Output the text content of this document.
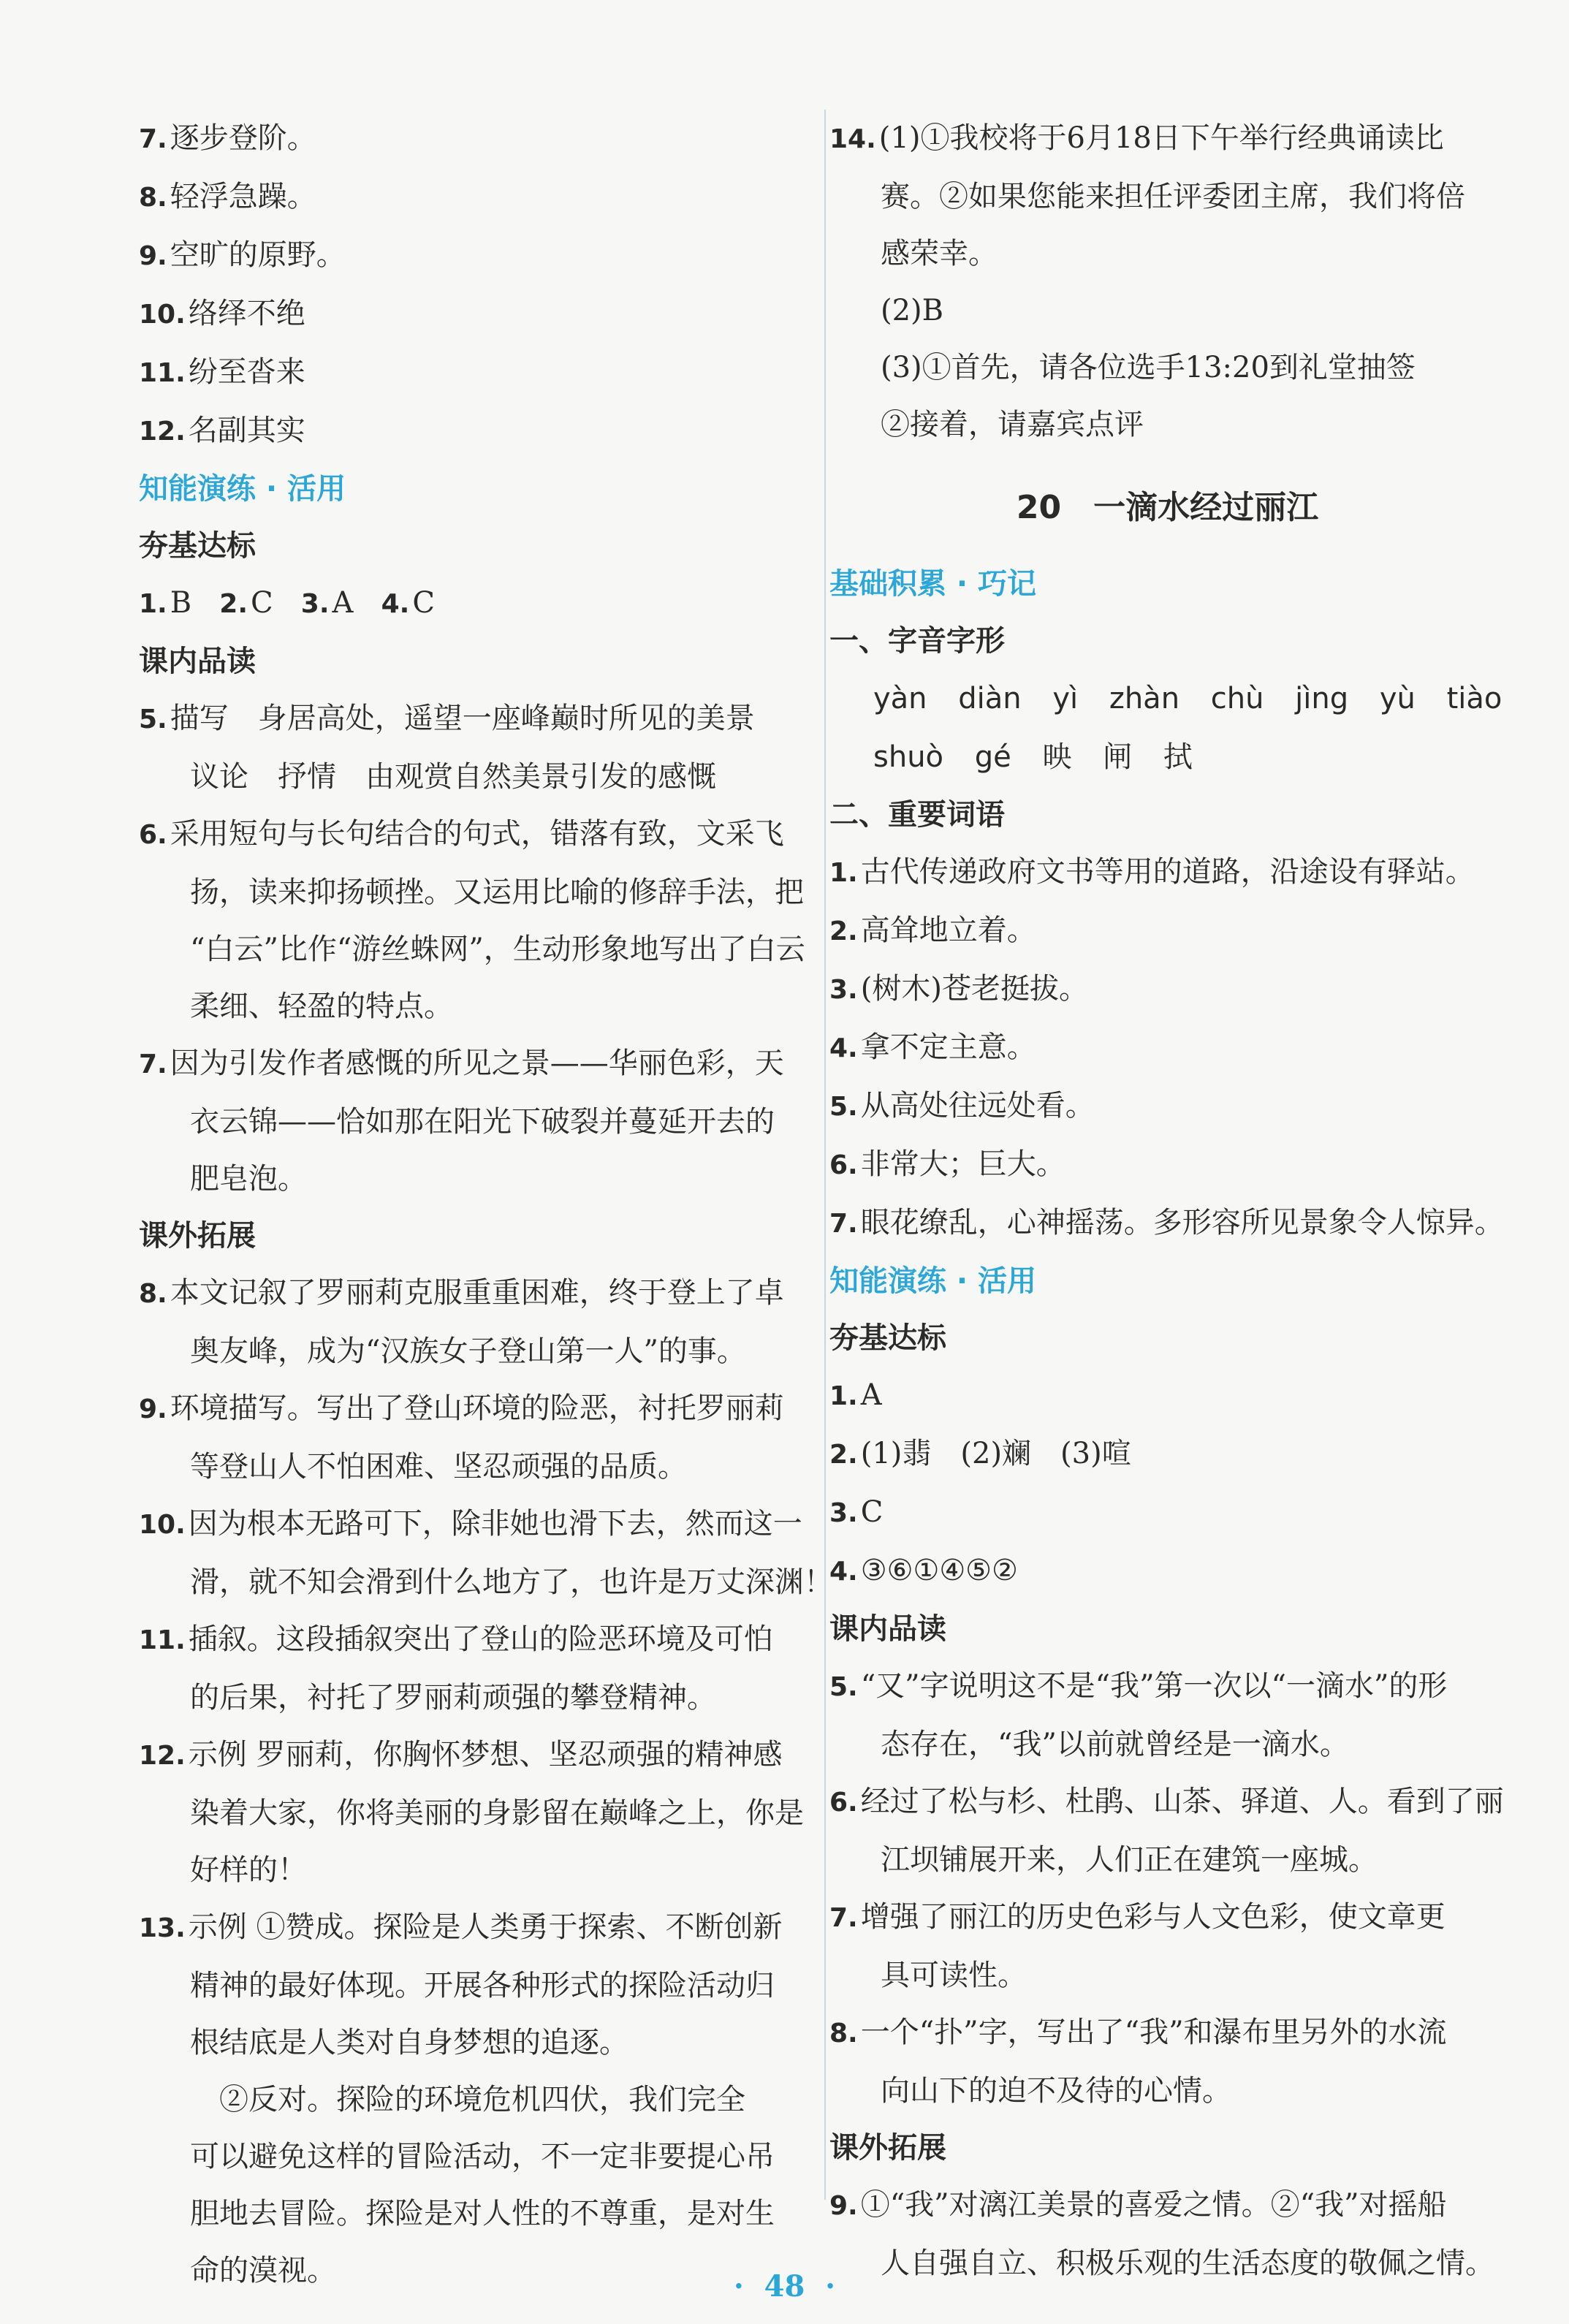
7. 逐步登阶。
8. 轻浮急躁。
9. 空旷的原野。
10. 络绎不绝
11. 纷至沓来
12. 名副其实
知能演练 · 活用
夯基达标
1. B 2. C 3. A 4. C
课内品读
5. 描写　身居高处，遥望一座峰巅时所见的美景
议论　抒情　由观赏自然美景引发的感慨
6. 采用短句与长句结合的句式，错落有致，文采飞
扬，读来抑扬顿挫。又运用比喻的修辞手法，把
“白云”比作“游丝蛛网”，生动形象地写出了白云
柔细、轻盈的特点。
7. 因为引发作者感慨的所见之景——华丽色彩，天
衣云锦——恰如那在阳光下破裂并蔓延开去的
肥皂泡。
课外拓展
8. 本文记叙了罗丽莉克服重重困难，终于登上了卓
奥友峰，成为“汉族女子登山第一人”的事。
9. 环境描写。写出了登山环境的险恶，衬托罗丽莉
等登山人不怕困难、坚忍顽强的品质。
10. 因为根本无路可下，除非她也滑下去，然而这一
滑，就不知会滑到什么地方了，也许是万丈深渊！
11. 插叙。这段插叙突出了登山的险恶环境及可怕
的后果，衬托了罗丽莉顽强的攀登精神。
12. 示例 罗丽莉，你胸怀梦想、坚忍顽强的精神感
染着大家，你将美丽的身影留在巅峰之上，你是
好样的！
13. 示例 ①赞成。探险是人类勇于探索、不断创新
精神的最好体现。开展各种形式的探险活动归
根结底是人类对自身梦想的追逐。
②反对。探险的环境危机四伏，我们完全
可以避免这样的冒险活动，不一定非要提心吊
胆地去冒险。探险是对人性的不尊重，是对生
命的漠视。
14. (1)①我校将于6月18日下午举行经典诵读比
赛。②如果您能来担任评委团主席，我们将倍
感荣幸。
(2)B
(3)①首先，请各位选手13:20到礼堂抽签
②接着，请嘉宾点评
20　一滴水经过丽江
基础积累 · 巧记
一、字音字形
yàn diàn yì zhàn chù jìng yù tiào
shuò gé 映 闸 拭
二、重要词语
1. 古代传递政府文书等用的道路，沿途设有驿站。
2. 高耸地立着。
3. (树木)苍老挺拔。
4. 拿不定主意。
5. 从高处往远处看。
6. 非常大；巨大。
7. 眼花缭乱，心神摇荡。多形容所见景象令人惊异。
知能演练 · 活用
夯基达标
1. A
2. (1)翡　(2)斓　(3)喧
3. C
4. ③⑥①④⑤②
课内品读
5. “又”字说明这不是“我”第一次以“一滴水”的形
态存在，“我”以前就曾经是一滴水。
6. 经过了松与杉、杜鹃、山茶、驿道、人。看到了丽
江坝铺展开来，人们正在建筑一座城。
7. 增强了丽江的历史色彩与人文色彩，使文章更
具可读性。
8. 一个“扑”字，写出了“我”和瀑布里另外的水流
向山下的迫不及待的心情。
课外拓展
9. ①“我”对漓江美景的喜爱之情。②“我”对摇船
人自强自立、积极乐观的生活态度的敬佩之情。
·  48  ·
